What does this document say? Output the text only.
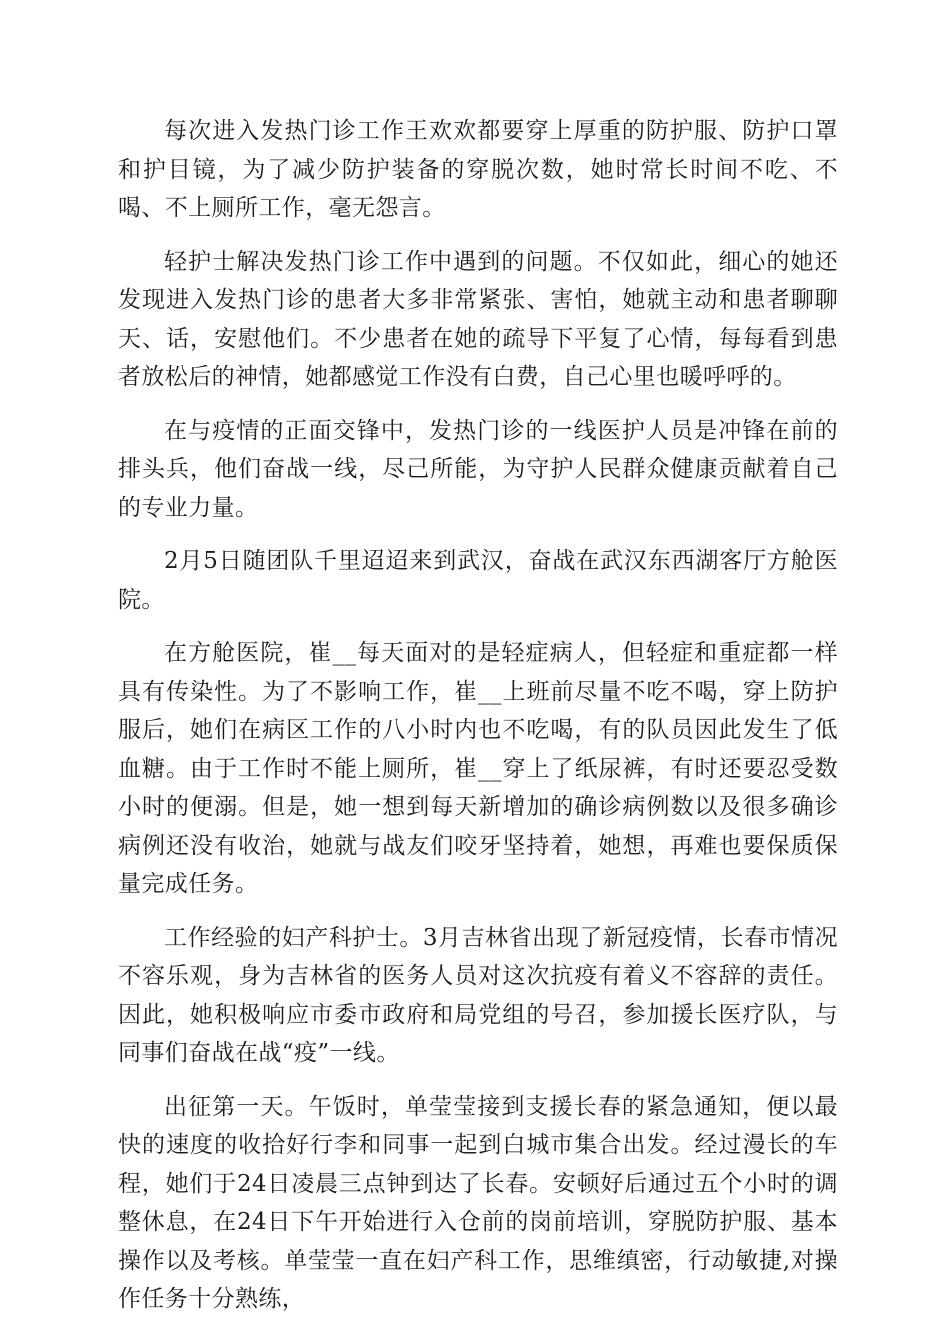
每次进入发热门诊工作王欢欢都要穿上厚重的防护服、防护口罩和护目镜，为了减少防护装备的穿脱次数，她时常长时间不吃、不喝、不上厕所工作，毫无怨言。

轻护士解决发热门诊工作中遇到的问题。不仅如此，细心的她还发现进入发热门诊的患者大多非常紧张、害怕，她就主动和患者聊聊天、话，安慰他们。不少患者在她的疏导下平复了心情，每每看到患者放松后的神情，她都感觉工作没有白费，自己心里也暖呼呼的。

在与疫情的正面交锋中，发热门诊的一线医护人员是冲锋在前的排头兵，他们奋战一线，尽己所能，为守护人民群众健康贡献着自己的专业力量。

2月5日随团队千里迢迢来到武汉，奋战在武汉东西湖客厅方舱医院。

在方舱医院，崔__每天面对的是轻症病人，但轻症和重症都一样具有传染性。为了不影响工作，崔__上班前尽量不吃不喝，穿上防护服后，她们在病区工作的八小时内也不吃喝，有的队员因此发生了低血糖。由于工作时不能上厕所，崔__穿上了纸尿裤，有时还要忍受数小时的便溺。但是，她一想到每天新增加的确诊病例数以及很多确诊病例还没有收治，她就与战友们咬牙坚持着，她想，再难也要保质保量完成任务。

工作经验的妇产科护士。3月吉林省出现了新冠疫情，长春市情况不容乐观，身为吉林省的医务人员对这次抗疫有着义不容辞的责任。因此，她积极响应市委市政府和局党组的号召，参加援长医疗队，与同事们奋战在战“疫”一线。

出征第一天。午饭时，单莹莹接到支援长春的紧急通知，便以最快的速度的收拾好行李和同事一起到白城市集合出发。经过漫长的车程，她们于24日凌晨三点钟到达了长春。安顿好后通过五个小时的调整休息，在24日下午开始进行入仓前的岗前培训，穿脱防护服、基本操作以及考核。单莹莹一直在妇产科工作，思维缜密，行动敏捷,对操作任务十分熟练，
